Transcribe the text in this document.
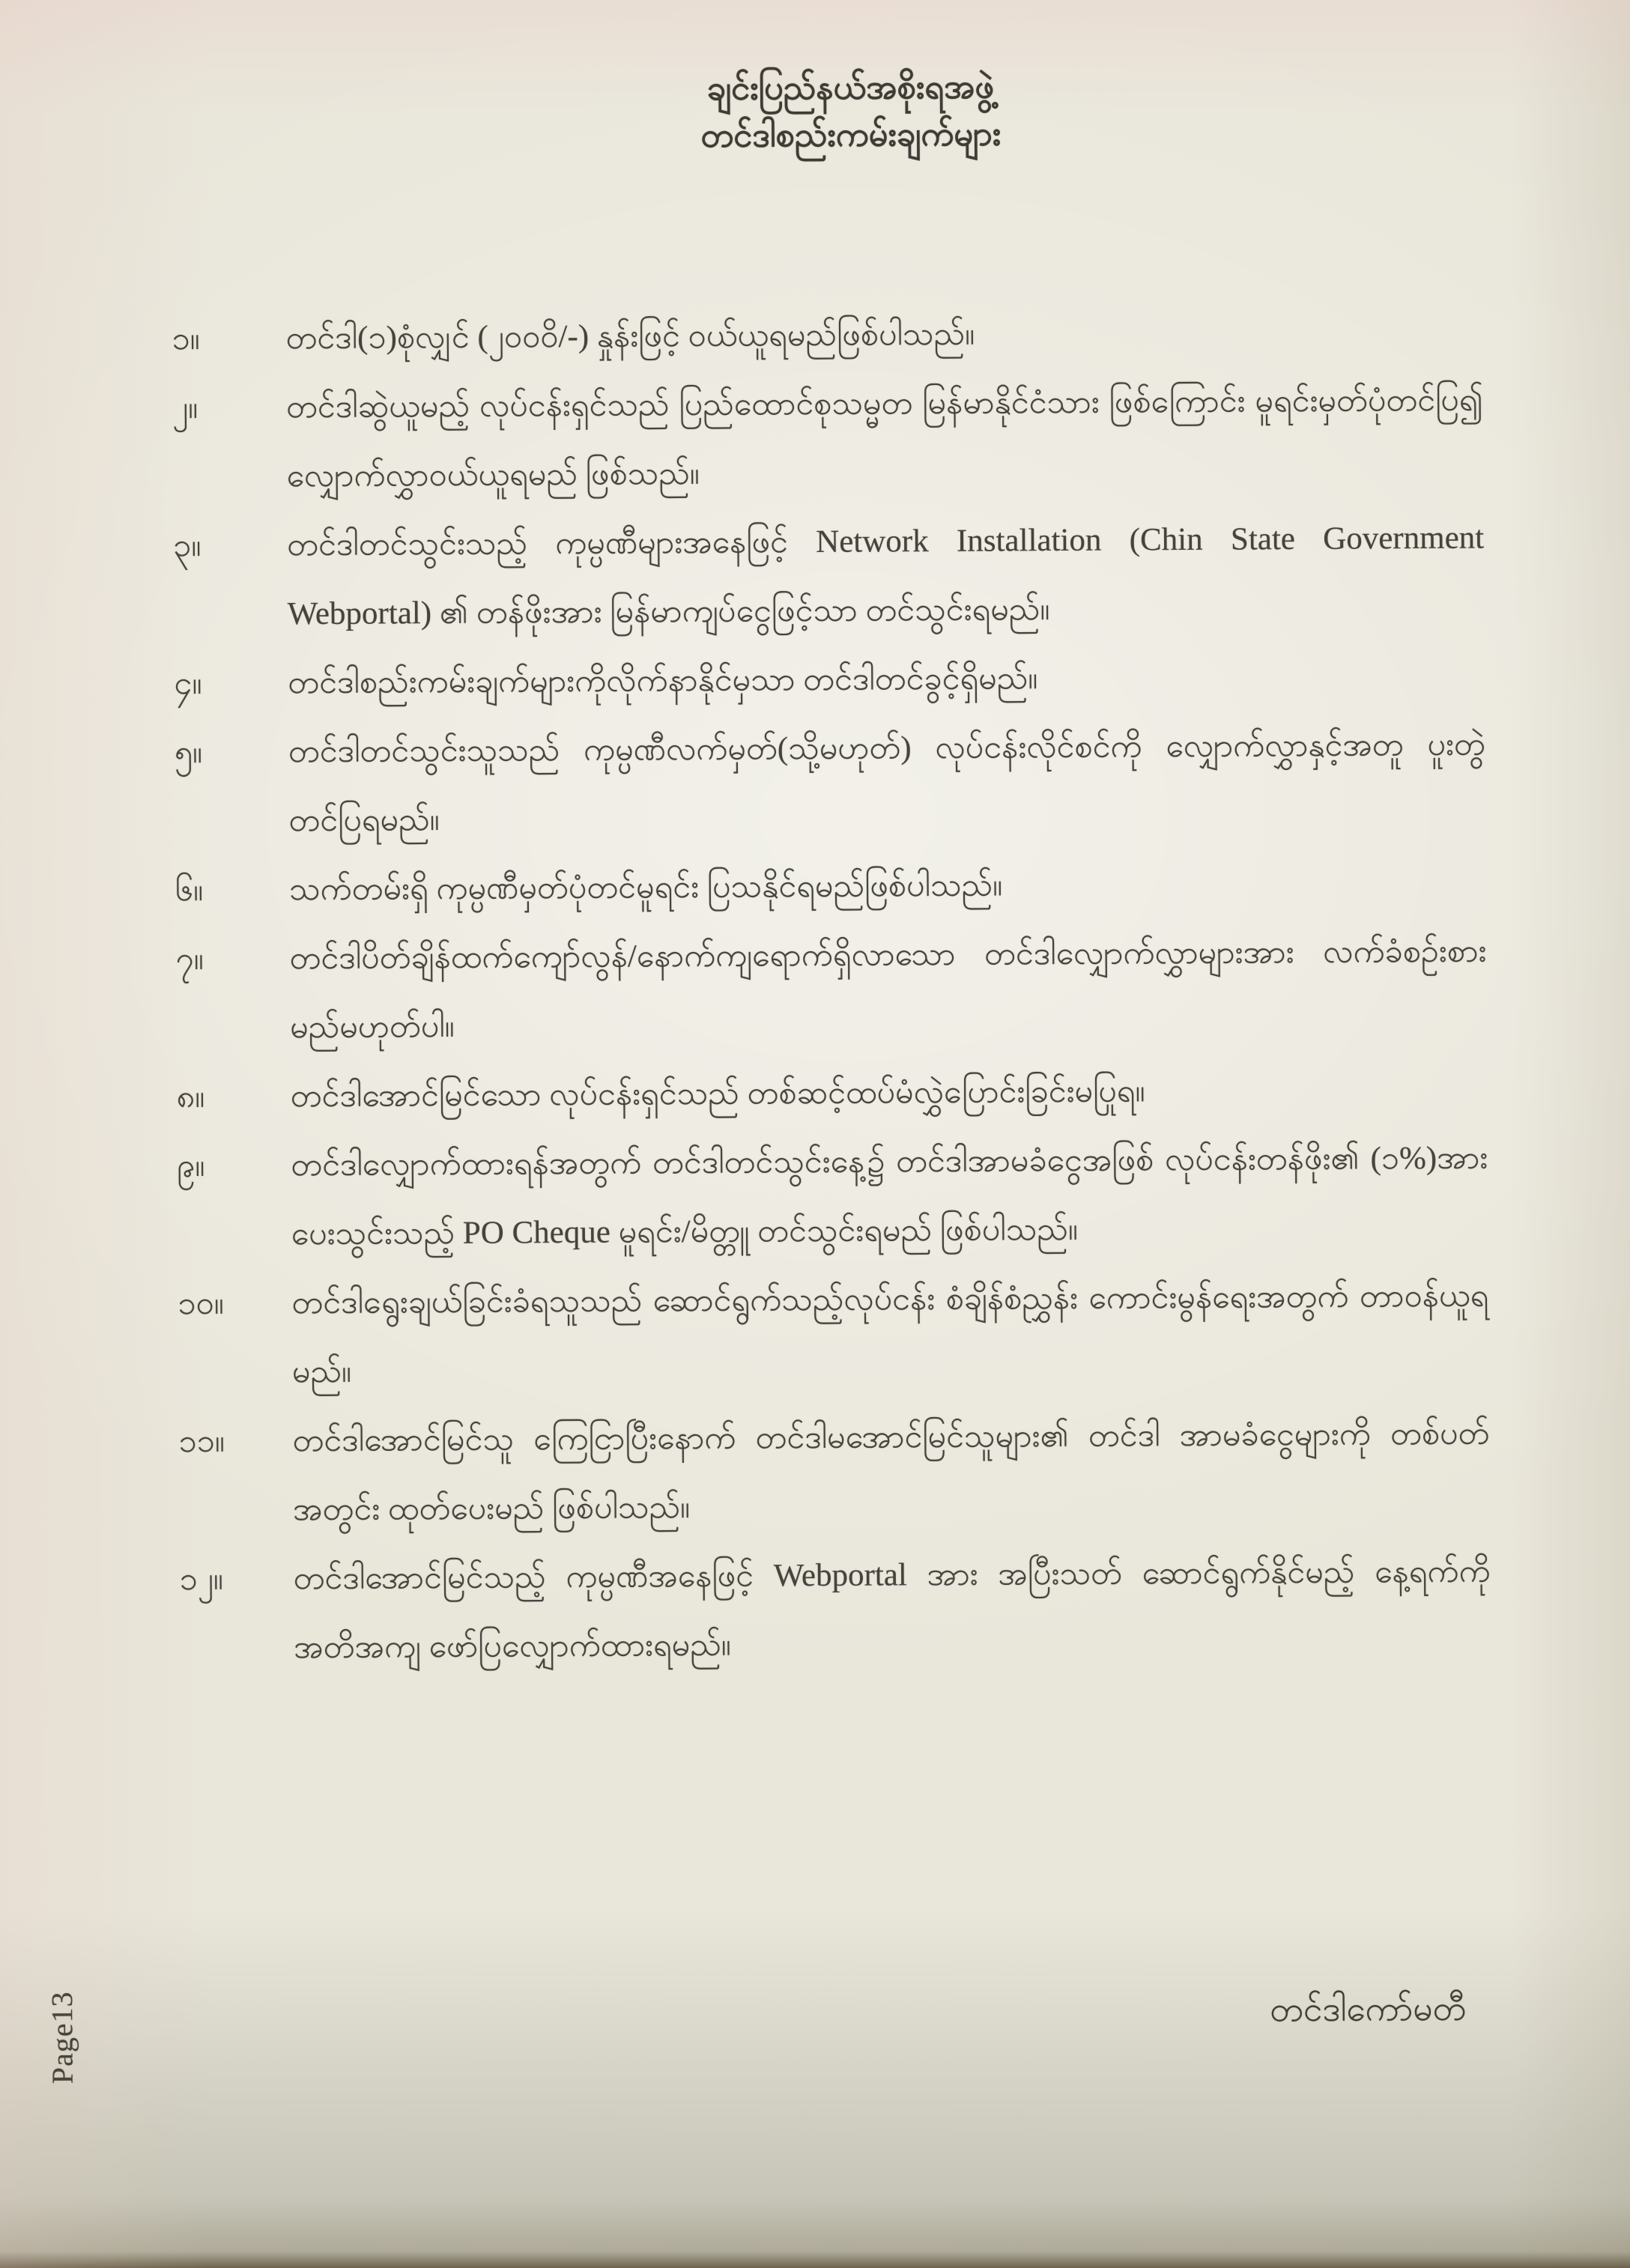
ချင်းပြည်နယ်အစိုးရအဖွဲ့
တင်ဒါစည်းကမ်းချက်များ
၁။	တင်ဒါ(၁)စုံလျှင် (၂၀၀၀ိ/-) နှုန်းဖြင့် ဝယ်ယူရမည်ဖြစ်ပါသည်။
၂။	တင်ဒါဆွဲယူမည့် လုပ်ငန်းရှင်သည် ပြည်ထောင်စုသမ္မတ မြန်မာနိုင်ငံသား ဖြစ်ကြောင်း မူရင်းမှတ်ပုံတင်ပြ၍ လျှောက်လွှာဝယ်ယူရမည် ဖြစ်သည်။
၃။	တင်ဒါတင်သွင်းသည့် ကုမ္ပဏီများအနေဖြင့် Network Installation (Chin State Government Webportal) ၏ တန်ဖိုးအား မြန်မာကျပ်ငွေဖြင့်သာ တင်သွင်းရမည်။
၄။	တင်ဒါစည်းကမ်းချက်များကိုလိုက်နာနိုင်မှသာ တင်ဒါတင်ခွင့်ရှိမည်။
၅။	တင်ဒါတင်သွင်းသူသည် ကုမ္ပဏီလက်မှတ်(သို့မဟုတ်) လုပ်ငန်းလိုင်စင်ကို လျှောက်လွှာနှင့်အတူ ပူးတွဲတင်ပြရမည်။
၆။	သက်တမ်းရှိ ကုမ္ပဏီမှတ်ပုံတင်မူရင်း ပြသနိုင်ရမည်ဖြစ်ပါသည်။
၇။	တင်ဒါပိတ်ချိန်ထက်ကျော်လွန်/နောက်ကျရောက်ရှိလာသော တင်ဒါလျှောက်လွှာများအား လက်ခံစဉ်းစားမည်မဟုတ်ပါ။
၈။	တင်ဒါအောင်မြင်သော လုပ်ငန်းရှင်သည် တစ်ဆင့်ထပ်မံလွှဲပြောင်းခြင်းမပြုရ။
၉။	တင်ဒါလျှောက်ထားရန်အတွက် တင်ဒါတင်သွင်းနေ့၌ တင်ဒါအာမခံငွေအဖြစ် လုပ်ငန်းတန်ဖိုး၏ (၁%)အား ပေးသွင်းသည့် PO Cheque မူရင်း/မိတ္တူ တင်သွင်းရမည် ဖြစ်ပါသည်။
၁၀။	တင်ဒါရွေးချယ်ခြင်းခံရသူသည် ဆောင်ရွက်သည့်လုပ်ငန်း စံချိန်စံညွှန်း ကောင်းမွန်ရေးအတွက် တာဝန်ယူရမည်။
၁၁။	တင်ဒါအောင်မြင်သူ ကြေငြာပြီးနောက် တင်ဒါမအောင်မြင်သူများ၏ တင်ဒါ အာမခံငွေများကို တစ်ပတ်အတွင်း ထုတ်ပေးမည် ဖြစ်ပါသည်။
၁၂။	တင်ဒါအောင်မြင်သည့် ကုမ္ပဏီအနေဖြင့် Webportal အား အပြီးသတ် ဆောင်ရွက်နိုင်မည့် နေ့ရက်ကို အတိအကျ ဖော်ပြလျှောက်ထားရမည်။
Page13	တင်ဒါကော်မတီ
